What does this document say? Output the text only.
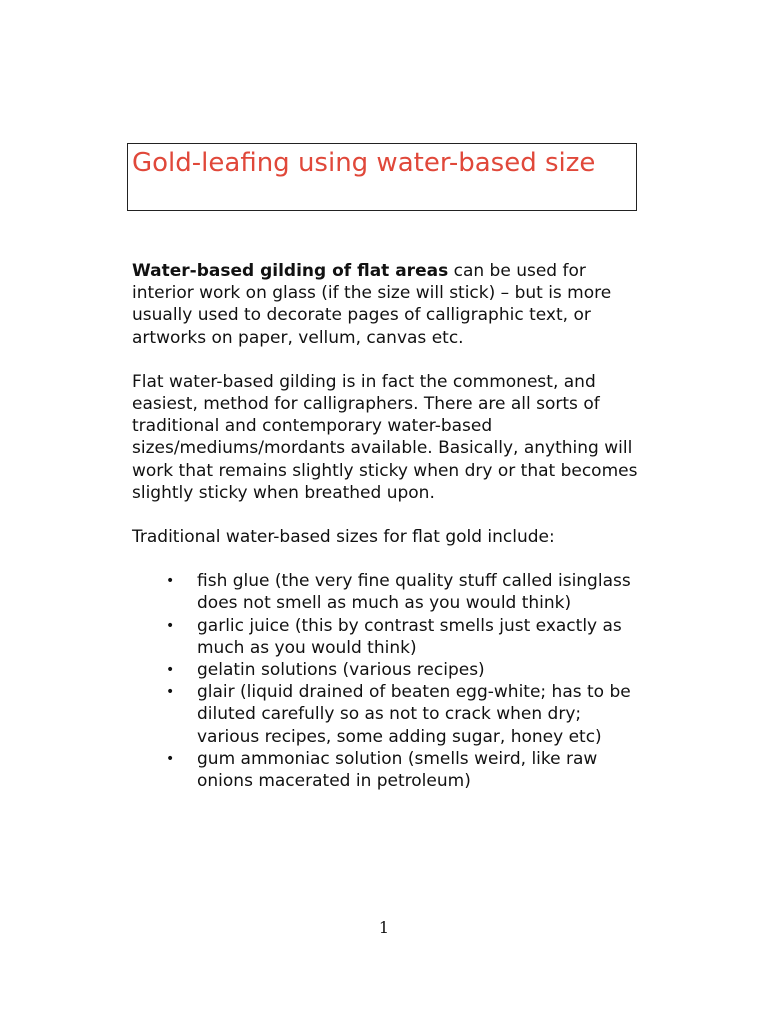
Gold-leafing using water-based size

Water-based gilding of flat areas can be used for interior work on glass (if the size will stick) – but is more usually used to decorate pages of calligraphic text, or artworks on paper, vellum, canvas etc.

Flat water-based gilding is in fact the commonest, and easiest, method for calligraphers. There are all sorts of traditional and contemporary water-based sizes/mediums/mordants available. Basically, anything will work that remains slightly sticky when dry or that becomes slightly sticky when breathed upon.

Traditional water-based sizes for flat gold include:

• fish glue (the very fine quality stuff called isinglass does not smell as much as you would think)
• garlic juice (this by contrast smells just exactly as much as you would think)
• gelatin solutions (various recipes)
• glair (liquid drained of beaten egg-white; has to be diluted carefully so as not to crack when dry; various recipes, some adding sugar, honey etc)
• gum ammoniac solution (smells weird, like raw onions macerated in petroleum)
1
